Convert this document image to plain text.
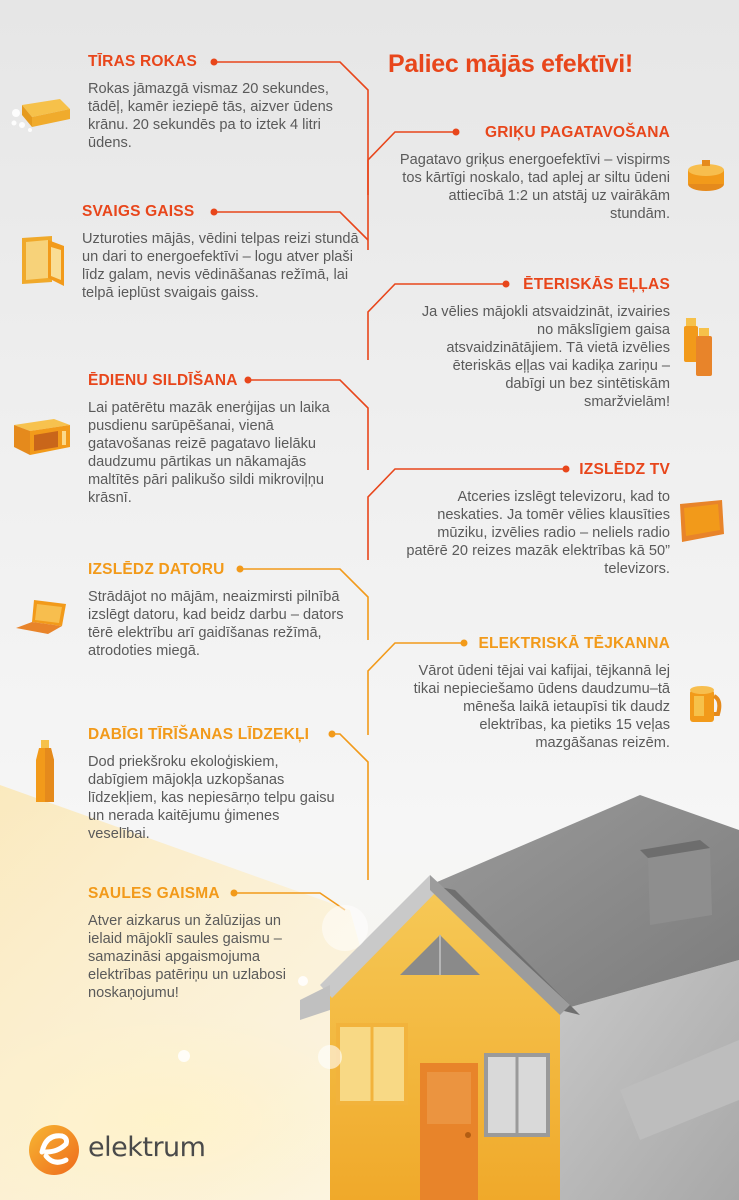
Paliec mājās efektīvi!
TĪRAS ROKAS
Rokas jāmazgā vismaz 20 sekundes, tādēļ, kamēr ieziepē tās, aizver ūdens krānu. 20 sekundēs pa to iztek 4 litri ūdens.
GRIĶU PAGATAVOŠANA
Pagatavo griķus energoefektīvi – vispirms tos kārtīgi noskalo, tad aplej ar siltu ūdeni attiecībā 1:2 un atstāj uz vairākām stundām.
SVAIGS GAISS
Uzturoties mājās, vēdini telpas reizi stundā un dari to energoefektīvi – logu atver plaši līdz galam, nevis vēdināšanas režīmā, lai telpā ieplūst svaigais gaiss.	ĒTERISKĀS EĻĻAS
Ja vēlies mājokli atsvaidzināt, izvairies no mākslīgiem gaisa atsvaidzinātājiem. Tā vietā izvēlies ēteriskās eļļas vai kadiķa zariņu – dabīgi un bez sintētiskām smaržvielām!
ĒDIENU SILDĪŠANA
Lai patērētu mazāk enerģijas un laika pusdienu sarūpēšanai, vienā gatavošanas reizē pagatavo lielāku daudzumu pārtikas un nākamajās maltītēs pāri palikušo sildi mikroviļņu krāsnī.
IZSLĒDZ TV
Atceries izslēgt televizoru, kad to neskaties. Ja tomēr vēlies klausīties mūziku, izvēlies radio – neliels radio patērē 20 reizes mazāk elektrības kā 50” televizors.
IZSLĒDZ DATORU
Strādājot no mājām, neaizmirsti pilnībā izslēgt datoru, kad beidz darbu – dators tērē elektrību arī gaidīšanas režīmā, atrodoties miegā.	ELEKTRISKĀ TĒJKANNA
Vārot ūdeni tējai vai kafijai, tējkannā lej tikai nepieciešamo ūdens daudzumu–tā mēneša laikā ietaupīsi tik daudz elektrības, ka pietiks 15 veļas mazgāšanas reizēm.
DABĪGI TĪRĪŠANAS LĪDZEKĻI
Dod priekšroku ekoloģiskiem, dabīgiem mājokļa uzkopšanas līdzekļiem, kas nepiesārņo telpu gaisu un nerada kaitējumu ģimenes veselībai.
SAULES GAISMA
Atver aizkarus un žalūzijas un ielaid mājoklī saules gaismu – samazināsi apgaismojuma elektrības patēriņu un uzlabosi noskaņojumu!
elektrum
